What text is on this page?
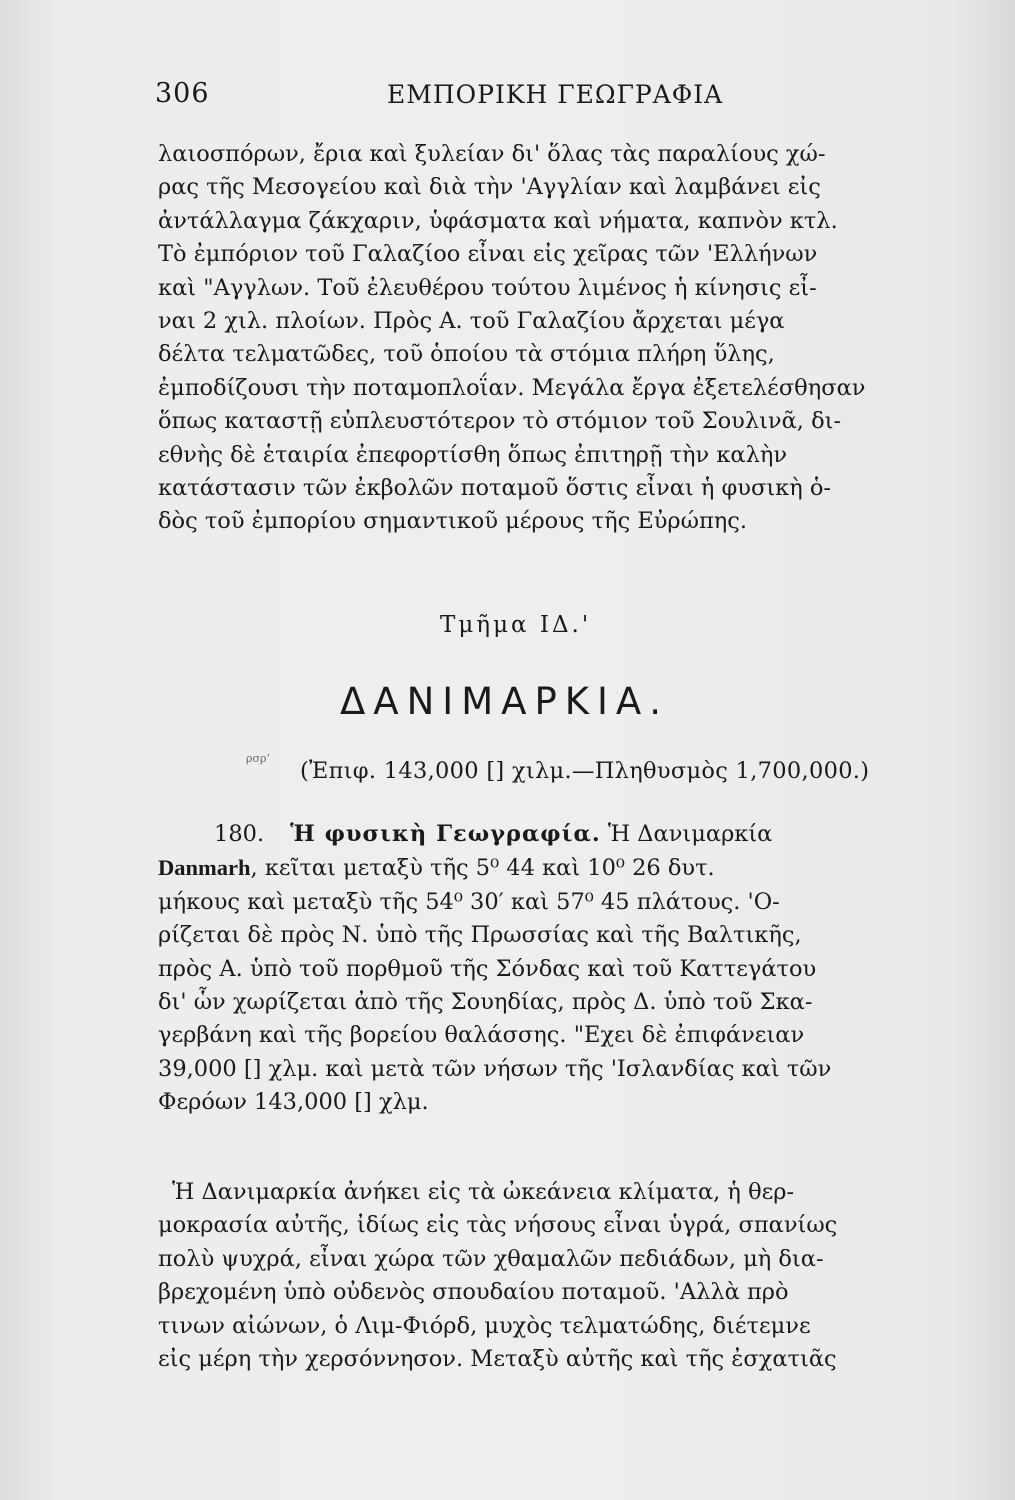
306	ΕΜΠΟΡΙΚΗ ΓΕΩΓΡΑΦΙΑ

λαιοσπόρων, ἔρια καὶ ξυλείαν δι' ὅλας τὰς παραλίους χώ-

ρας τῆς Μεσογείου καὶ διὰ τὴν 'Αγγλίαν καὶ λαμβάνει εἰς

ἀντάλλαγμα ζάκχαριν, ὑφάσματα καὶ νήματα, καπνὸν κτλ.

Τὸ ἐμπόριον τοῦ Γαλαζίοο εἶναι εἰς χεῖρας τῶν 'Ελλήνων

καὶ "Αγγλων. Τοῦ ἐλευθέρου τούτου λιμένος ἡ κίνησις εἶ-

ναι 2 χιλ. πλοίων. Πρὸς Α. τοῦ Γαλαζίου ἄρχεται μέγα

δέλτα τελματῶδες, τοῦ ὁποίου τὰ στόμια πλήρη ὕλης,

ἐμποδίζουσι τὴν ποταμοπλοΐαν. Μεγάλα ἔργα ἐξετελέσθησαν

ὅπως καταστῇ εὐπλευστότερον τὸ στόμιον τοῦ Σουλινᾶ, δι-

εθνὴς δὲ ἑταιρία ἐπεφορτίσθη ὅπως ἐπιτηρῇ τὴν καλὴν

κατάστασιν τῶν ἐκβολῶν ποταμοῦ ὅστις εἶναι ἡ φυσικὴ ὁ-

δὸς τοῦ ἐμπορίου σημαντικοῦ μέρους τῆς Εὐρώπης.

Τμῆμα ΙΔ.'
ΔΑΝΙΜΑΡΚΙΑ.
ρσρ‘ (Ἐπιφ. 143,000 [] χιλμ.—Πληθυσμὸς 1,700,000.)

180. Ἡ φυσικὴ Γεωγραφία. Ἡ Δανιμαρκία

Danmarh, κεῖται μεταξὺ τῆς 5⁰ 44 καὶ 10⁰ 26 δυτ.

μήκους καὶ μεταξὺ τῆς 54⁰ 30′ καὶ 57⁰ 45 πλάτους. 'Ο-

ρίζεται δὲ πρὸς Ν. ὑπὸ τῆς Πρωσσίας καὶ τῆς Βαλτικῆς,

πρὸς Α. ὑπὸ τοῦ πορθμοῦ τῆς Σόνδας καὶ τοῦ Καττεγάτου

δι' ὧν χωρίζεται ἀπὸ τῆς Σουηδίας, πρὸς Δ. ὑπὸ τοῦ Σκα-

γερβάνη καὶ τῆς βορείου θαλάσσης. "Εχει δὲ ἐπιφάνειαν

39,000 [] χλμ. καὶ μετὰ τῶν νήσων τῆς 'Ισλανδίας καὶ τῶν

Φερόων 143,000 [] χλμ.

Ἡ Δανιμαρκία ἀνήκει εἰς τὰ ὠκεάνεια κλίματα, ἡ θερ-

μοκρασία αὐτῆς, ἰδίως εἰς τὰς νήσους εἶναι ὑγρά, σπανίως

πολὺ ψυχρά, εἶναι χώρα τῶν χθαμαλῶν πεδιάδων, μὴ δια-

βρεχομένη ὑπὸ οὐδενὸς σπουδαίου ποταμοῦ. 'Αλλὰ πρὸ

τινων αἰώνων, ὁ Λιμ-Φιόρδ, μυχὸς τελματώδης, διέτεμνε

εἰς μέρη τὴν χερσόννησον. Μεταξὺ αὐτῆς καὶ τῆς ἐσχατιᾶς
